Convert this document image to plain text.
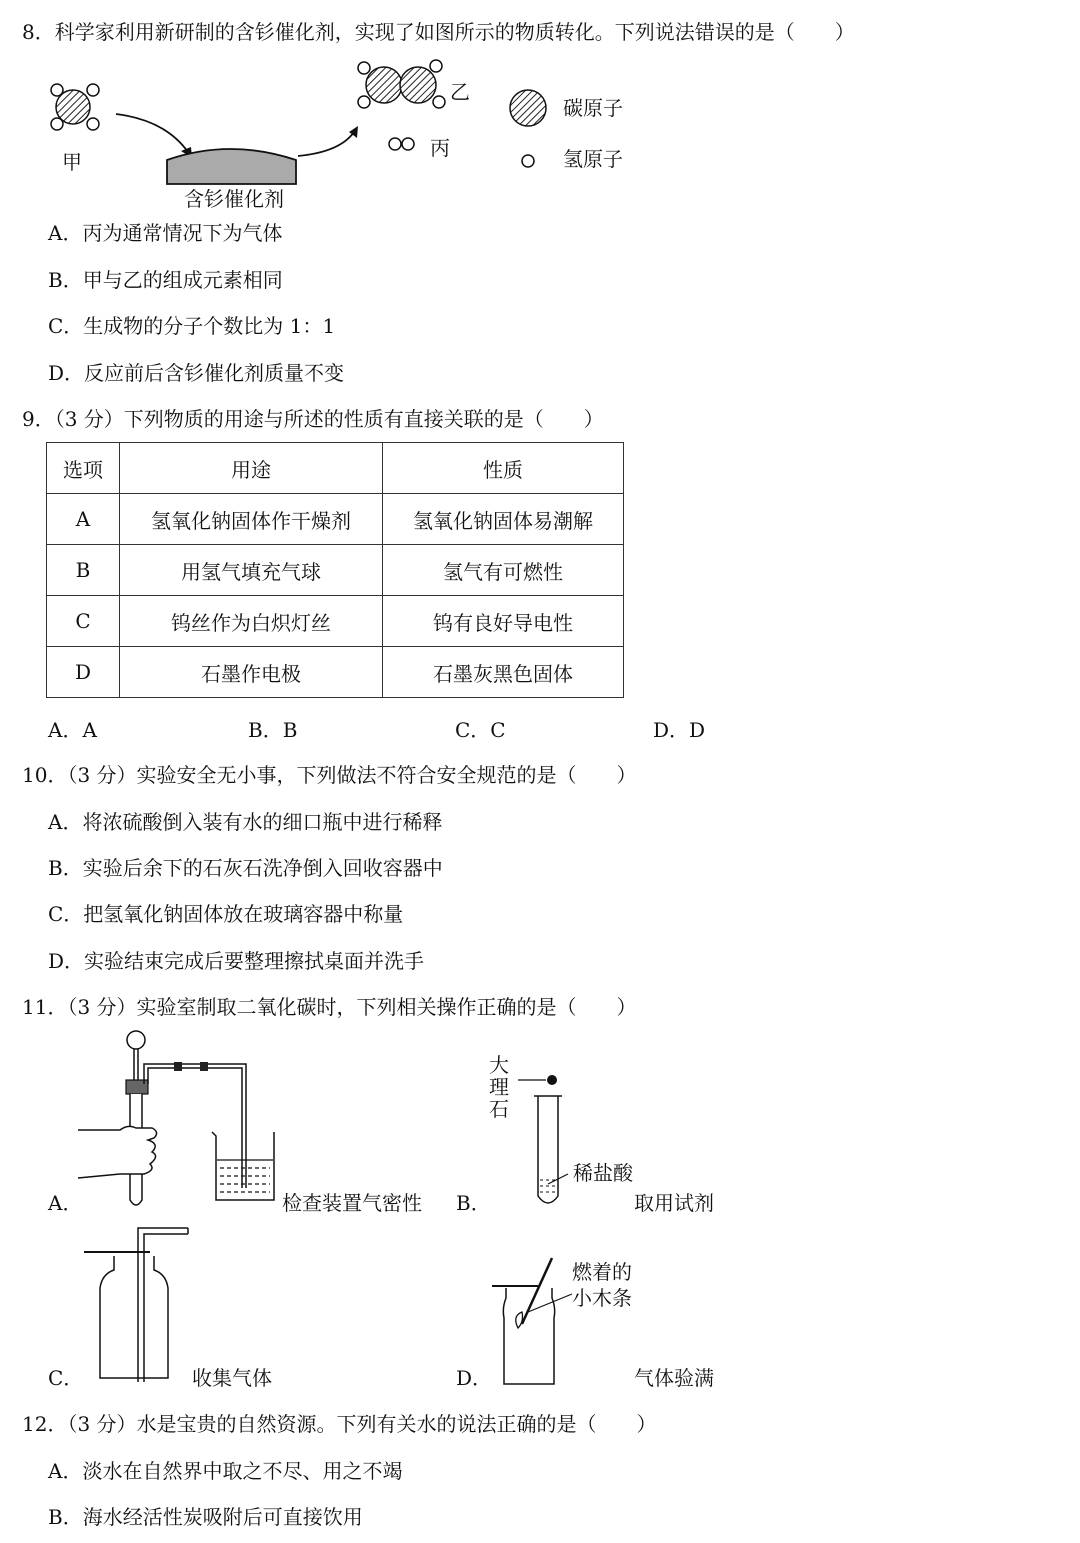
8．科学家利用新研制的含钐催化剂，实现了如图所示的物质转化。下列说法错误的是（　　）
甲
乙
丙
含钐催化剂
碳原子
氢原子
A．丙为通常情况下为气体
B．甲与乙的组成元素相同
C．生成物的分子个数比为 1：1
D．反应前后含钐催化剂质量不变
9．（3 分）下列物质的用途与所述的性质有直接关联的是（　　）
选项	用途	性质
A	氢氧化钠固体作干燥剂	氢氧化钠固体易潮解
B	用氢气填充气球	氢气有可燃性
C	钨丝作为白炽灯丝	钨有良好导电性
D	石墨作电极	石墨灰黑色固体
A．A	B．B	C．C	D．D
10．（3 分）实验安全无小事，下列做法不符合安全规范的是（　　）
A．将浓硫酸倒入装有水的细口瓶中进行稀释
B．实验后余下的石灰石洗净倒入回收容器中
C．把氢氧化钠固体放在玻璃容器中称量
D．实验结束完成后要整理擦拭桌面并洗手
11．（3 分）实验室制取二氧化碳时，下列相关操作正确的是（　　）
A．	检查装置气密性
大
理
石
稀盐酸
B．	取用试剂
C．	收集气体
燃着的
小木条
D．	气体验满
12．（3 分）水是宝贵的自然资源。下列有关水的说法正确的是（　　）
A．淡水在自然界中取之不尽、用之不竭
B．海水经活性炭吸附后可直接饮用
